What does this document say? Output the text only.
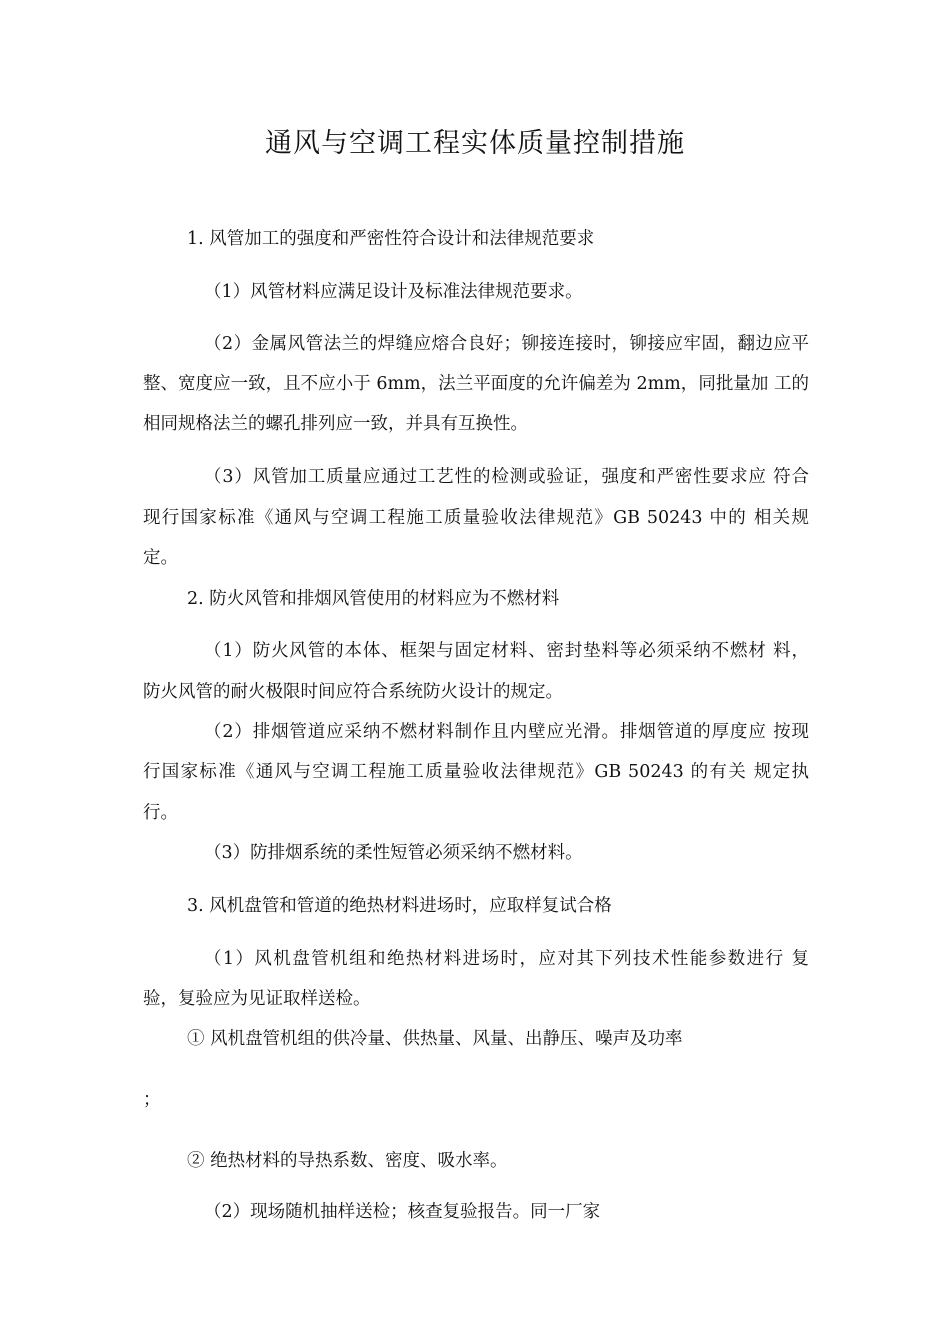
通风与空调工程实体质量控制措施

1. 风管加工的强度和严密性符合设计和法律规范要求

（1）风管材料应满足设计及标准法律规范要求。

（2）金属风管法兰的焊缝应熔合良好；铆接连接时，铆接应牢固，翻边应平

整、宽度应一致，且不应小于 6mm，法兰平面度的允许偏差为 2mm，同批量加 工的

相同规格法兰的螺孔排列应一致，并具有互换性。

（3）风管加工质量应通过工艺性的检测或验证，强度和严密性要求应 符合

现行国家标准《通风与空调工程施工质量验收法律规范》GB 50243 中的 相关规

定。

2. 防火风管和排烟风管使用的材料应为不燃材料

（1）防火风管的本体、框架与固定材料、密封垫料等必须采纳不燃材 料，

防火风管的耐火极限时间应符合系统防火设计的规定。

（2）排烟管道应采纳不燃材料制作且内壁应光滑。排烟管道的厚度应 按现

行国家标准《通风与空调工程施工质量验收法律规范》GB 50243 的有关 规定执

行。

（3）防排烟系统的柔性短管必须采纳不燃材料。

3. 风机盘管和管道的绝热材料进场时，应取样复试合格

（1）风机盘管机组和绝热材料进场时，应对其下列技术性能参数进行 复

验，复验应为见证取样送检。

① 风机盘管机组的供冷量、供热量、风量、出静压、噪声及功率

；

② 绝热材料的导热系数、密度、吸水率。

（2）现场随机抽样送检；核查复验报告。同一厂家
